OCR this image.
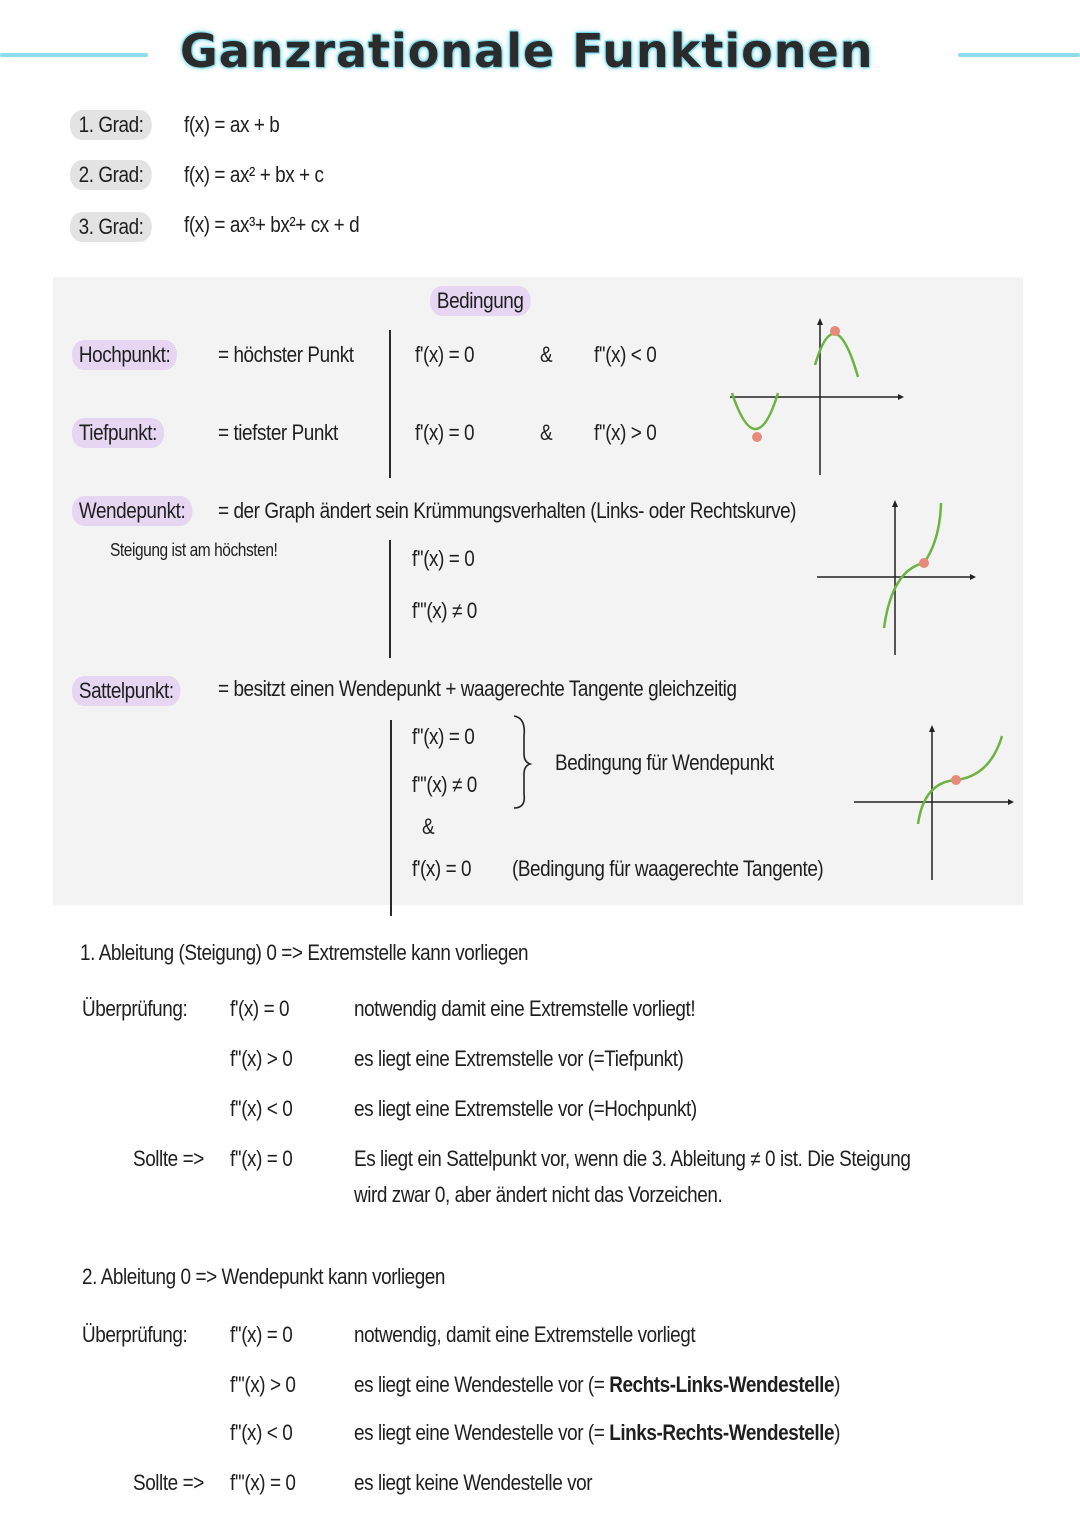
Ganzrationale Funktionen
1. Grad:	f(x) = ax + b
2. Grad:	f(x) = ax² + bx + c
3. Grad:	f(x) = ax³+ bx²+ cx + d
Bedingung
Hochpunkt:	= höchster Punkt	f'(x) = 0	& f''(x) < 0
Tiefpunkt:	= tiefster Punkt	f'(x) = 0	& f''(x) > 0
Wendepunkt:	= der Graph ändert sein Krümmungsverhalten (Links- oder Rechtskurve)
Steigung ist am höchsten!	f''(x) = 0
f'''(x) ≠ 0
Sattelpunkt:	= besitzt einen Wendepunkt + waagerechte Tangente gleichzeitig
f''(x) = 0
f'''(x) ≠ 0
&
f'(x) = 0
Bedingung für Wendepunkt
(Bedingung für waagerechte Tangente)
1. Ableitung (Steigung) 0 => Extremstelle kann vorliegen
Überprüfung: f'(x) = 0	notwendig damit eine Extremstelle vorliegt!
f''(x) > 0	es liegt eine Extremstelle vor (=Tiefpunkt)
f''(x) < 0	es liegt eine Extremstelle vor (=Hochpunkt)
Sollte => f''(x) = 0	Es liegt ein Sattelpunkt vor, wenn die 3. Ableitung ≠ 0 ist. Die Steigung
wird zwar 0, aber ändert nicht das Vorzeichen.
2. Ableitung 0 => Wendepunkt kann vorliegen
Überprüfung: f''(x) = 0	notwendig, damit eine Extremstelle vorliegt
f'''(x) > 0	es liegt eine Wendestelle vor (= Rechts-Links-Wendestelle)
f''(x) < 0	es liegt eine Wendestelle vor (= Links-Rechts-Wendestelle)
Sollte => f'''(x) = 0	es liegt keine Wendestelle vor
